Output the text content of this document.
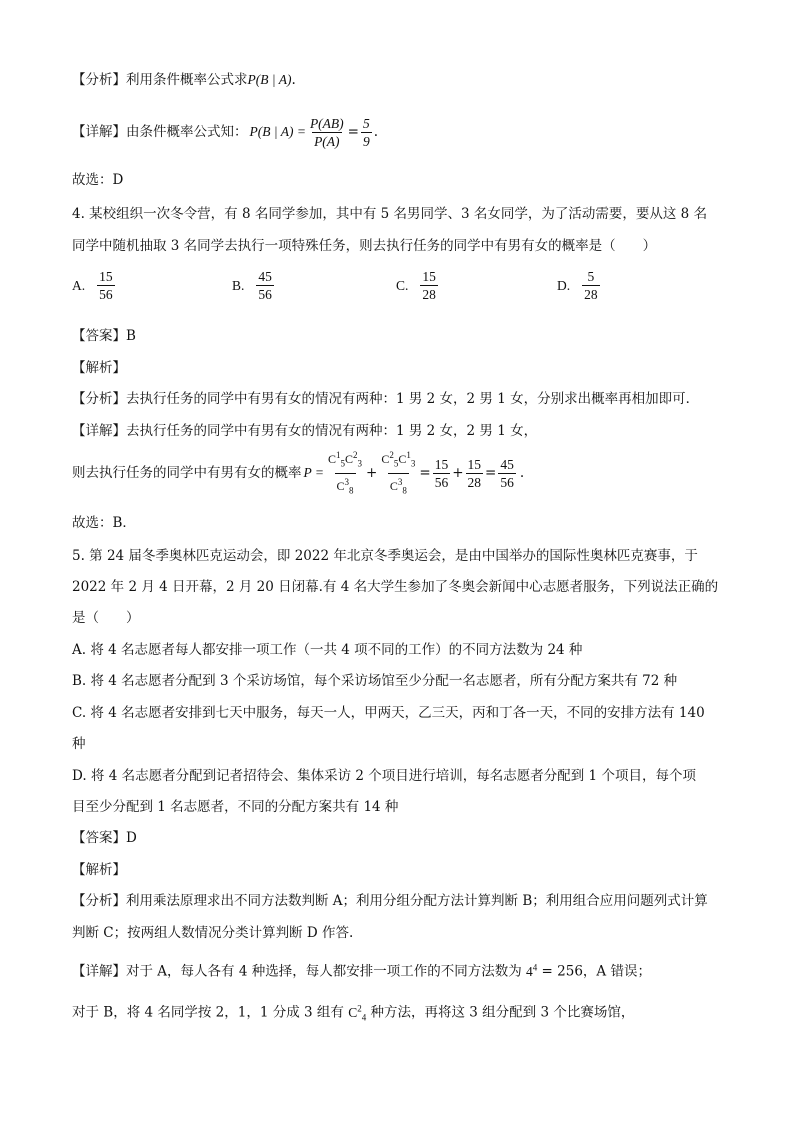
【分析】利用条件概率公式求P(B | A).
【详解】 由条件概率公式知： P(B | $A) = \frac{P(AB)}{P(A)} = \frac{5}{9}$ .
故选：D
4. 某校组织一次冬令营，有 8 名同学参加，其中有 5 名男同学、3 名女同学，为了活动需要，要从这 8 名
同学中随机抽取 3 名同学去执行一项特殊任务，则去执行任务的同学中有男有女的概率是（　　）
A. $\frac{15}{56}$	B. $\frac{45}{56}$	C. $\frac{15}{28}$	D. $\frac{5}{28}$
【答案】B
【解析】
【分析】去执行任务的同学中有男有女的情况有两种：1 男 2 女，2 男 1 女，分别求出概率再相加即可．
【详解】去执行任务的同学中有男有女的情况有两种：1 男 2 女，2 男 1 女，
则去执行任务的同学中有男有女的概率 $P = \frac{C^1_5C^2_3}{C^3_8} + \frac{C^2_5C^1_3}{C^3_8} = \frac{15}{56} + \frac{15}{28} = \frac{45}{56}$ .
故选：B．
5. 第 24 届冬季奥林匹克运动会，即 2022 年北京冬季奥运会，是由中国举办的国际性奥林匹克赛事，于
2022 年 2 月 4 日开幕，2 月 20 日闭幕.有 4 名大学生参加了冬奥会新闻中心志愿者服务，下列说法正确的
是（　　）
A. 将 4 名志愿者每人都安排一项工作（一共 4 项不同的工作）的不同方法数为 24 种
B. 将 4 名志愿者分配到 3 个采访场馆，每个采访场馆至少分配一名志愿者，所有分配方案共有 72 种
C. 将 4 名志愿者安排到七天中服务，每天一人，甲两天，乙三天，丙和丁各一天，不同的安排方法有 140
种
D. 将 4 名志愿者分配到记者招待会、集体采访 2 个项目进行培训，每名志愿者分配到 1 个项目，每个项
目至少分配到 1 名志愿者，不同的分配方案共有 14 种
【答案】D
【解析】
【分析】利用乘法原理求出不同方法数判断 A；利用分组分配方法计算判断 B；利用组合应用问题列式计算
判断 C；按两组人数情况分类计算判断 D 作答.
【详解】对于 A，每人各有 4 种选择，每人都安排一项工作的不同方法数为 $4^4 = 256$，A 错误；
对于 B，将 4 名同学按 2，1，1 分成 3 组有 $C^2_4$ 种方法，再将这 3 组分配到 3 个比赛场馆，
